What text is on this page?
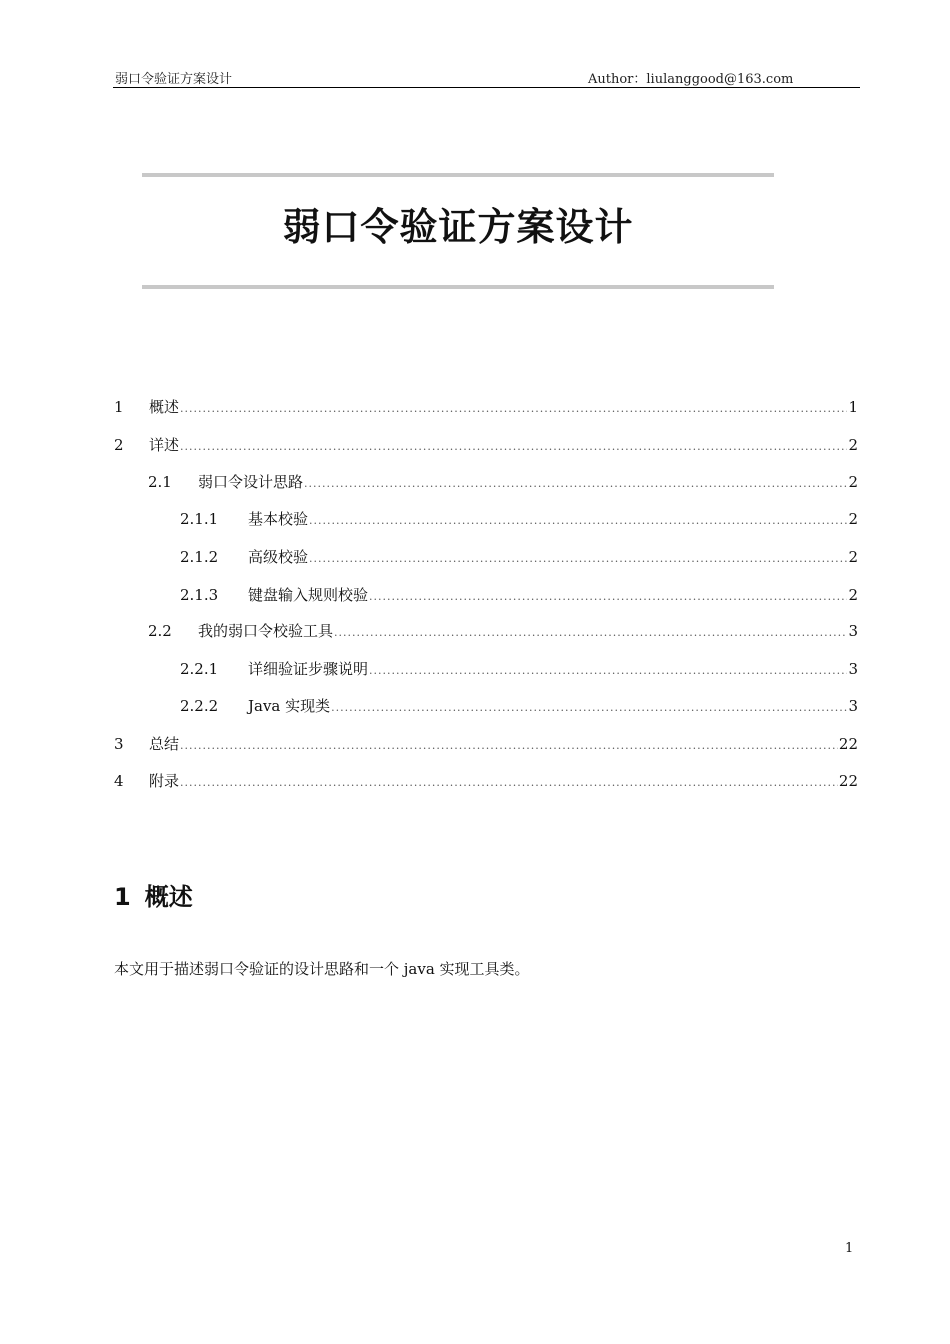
弱口令验证方案设计	Author：liulanggood@163.com
弱口令验证方案设计
1	概述 .....	1
2	详述 .....	2
2.1	弱口令设计思路 .....	2
2.1.1	基本校验 .....	2
2.1.2	高级校验 .....	2
2.1.3	键盘输入规则校验 .....	2
2.2	我的弱口令校验工具 .....	3
2.2.1	详细验证步骤说明 .....	3
2.2.2	Java 实现类 .....	3
3	总结 .....	22
4	附录 .....	22
1 概述
本文用于描述弱口令验证的设计思路和一个 java 实现工具类。
1
